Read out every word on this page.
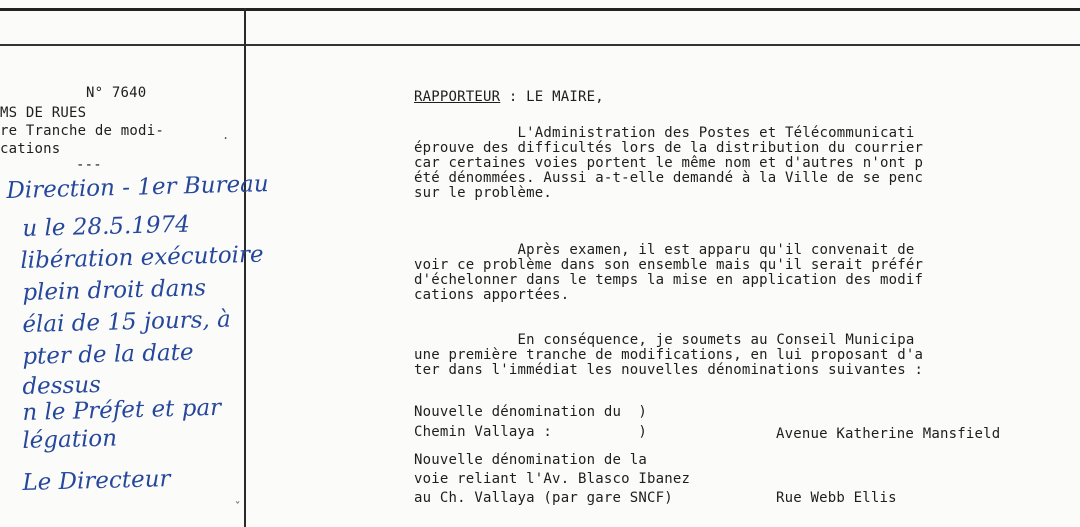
N° 7640
MS DE RUES
re Tranche de modi-
cations
---
Direction - 1er Bureau
u le 28.5.1974
libération exécutoire
plein droit dans
élai de 15 jours, à
pter de la date
dessus
n le Préfet et par
légation
Le Directeur
.
ˇ
RAPPORTEUR : LE MAIRE,
L'Administration des Postes et Télécommunicati
éprouve des difficultés lors de la distribution du courrier
car certaines voies portent le même nom et d'autres n'ont p
été dénommées. Aussi a-t-elle demandé à la Ville de se penc
sur le problème.
Après examen, il est apparu qu'il convenait de
voir ce problème dans son ensemble mais qu'il serait préfér
d'échelonner dans le temps la mise en application des modif
cations apportées.
En conséquence, je soumets au Conseil Municipa
une première tranche de modifications, en lui proposant d'a
ter dans l'immédiat les nouvelles dénominations suivantes :
Nouvelle dénomination du  )
Chemin Vallaya :          )	Avenue Katherine Mansfield
Nouvelle dénomination de la
voie reliant l'Av. Blasco Ibanez
au Ch. Vallaya (par gare SNCF)	Rue Webb Ellis
